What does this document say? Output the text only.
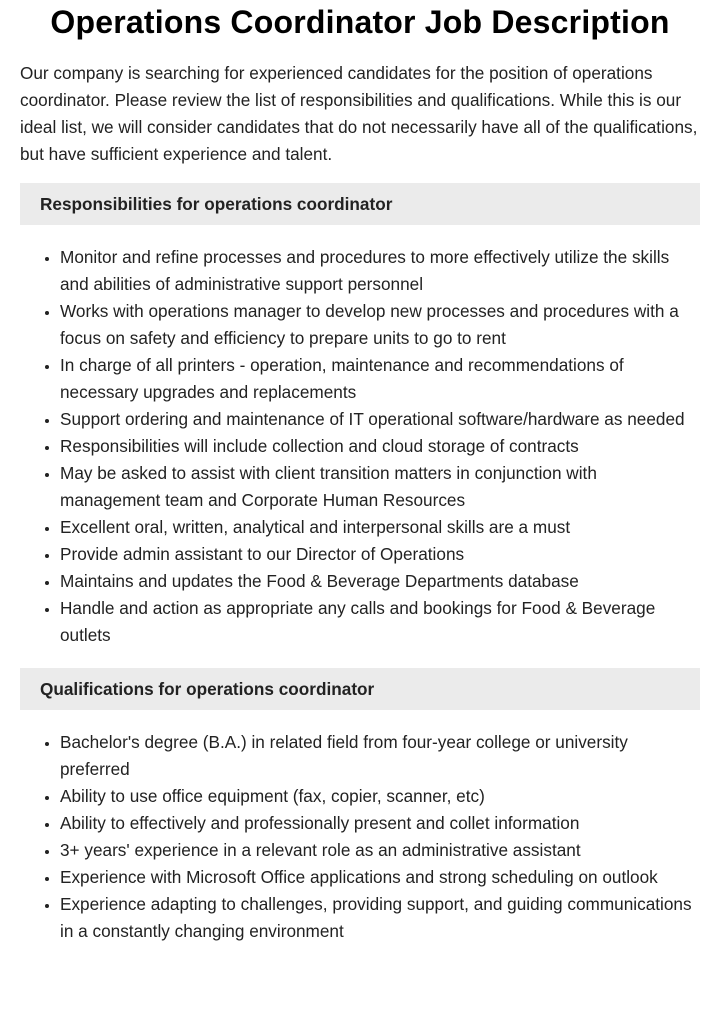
Operations Coordinator Job Description

Our company is searching for experienced candidates for the position of operations coordinator. Please review the list of responsibilities and qualifications. While this is our ideal list, we will consider candidates that do not necessarily have all of the qualifications, but have sufficient experience and talent.

Responsibilities for operations coordinator
• Monitor and refine processes and procedures to more effectively utilize the skills and abilities of administrative support personnel
• Works with operations manager to develop new processes and procedures with a focus on safety and efficiency to prepare units to go to rent
• In charge of all printers - operation, maintenance and recommendations of necessary upgrades and replacements
• Support ordering and maintenance of IT operational software/hardware as needed
• Responsibilities will include collection and cloud storage of contracts
• May be asked to assist with client transition matters in conjunction with management team and Corporate Human Resources
• Excellent oral, written, analytical and interpersonal skills are a must
• Provide admin assistant to our Director of Operations
• Maintains and updates the Food & Beverage Departments database
• Handle and action as appropriate any calls and bookings for Food & Beverage outlets
Qualifications for operations coordinator
• Bachelor's degree (B.A.) in related field from four-year college or university preferred
• Ability to use office equipment (fax, copier, scanner, etc)
• Ability to effectively and professionally present and collet information
• 3+ years' experience in a relevant role as an administrative assistant
• Experience with Microsoft Office applications and strong scheduling on outlook
• Experience adapting to challenges, providing support, and guiding communications in a constantly changing environment
